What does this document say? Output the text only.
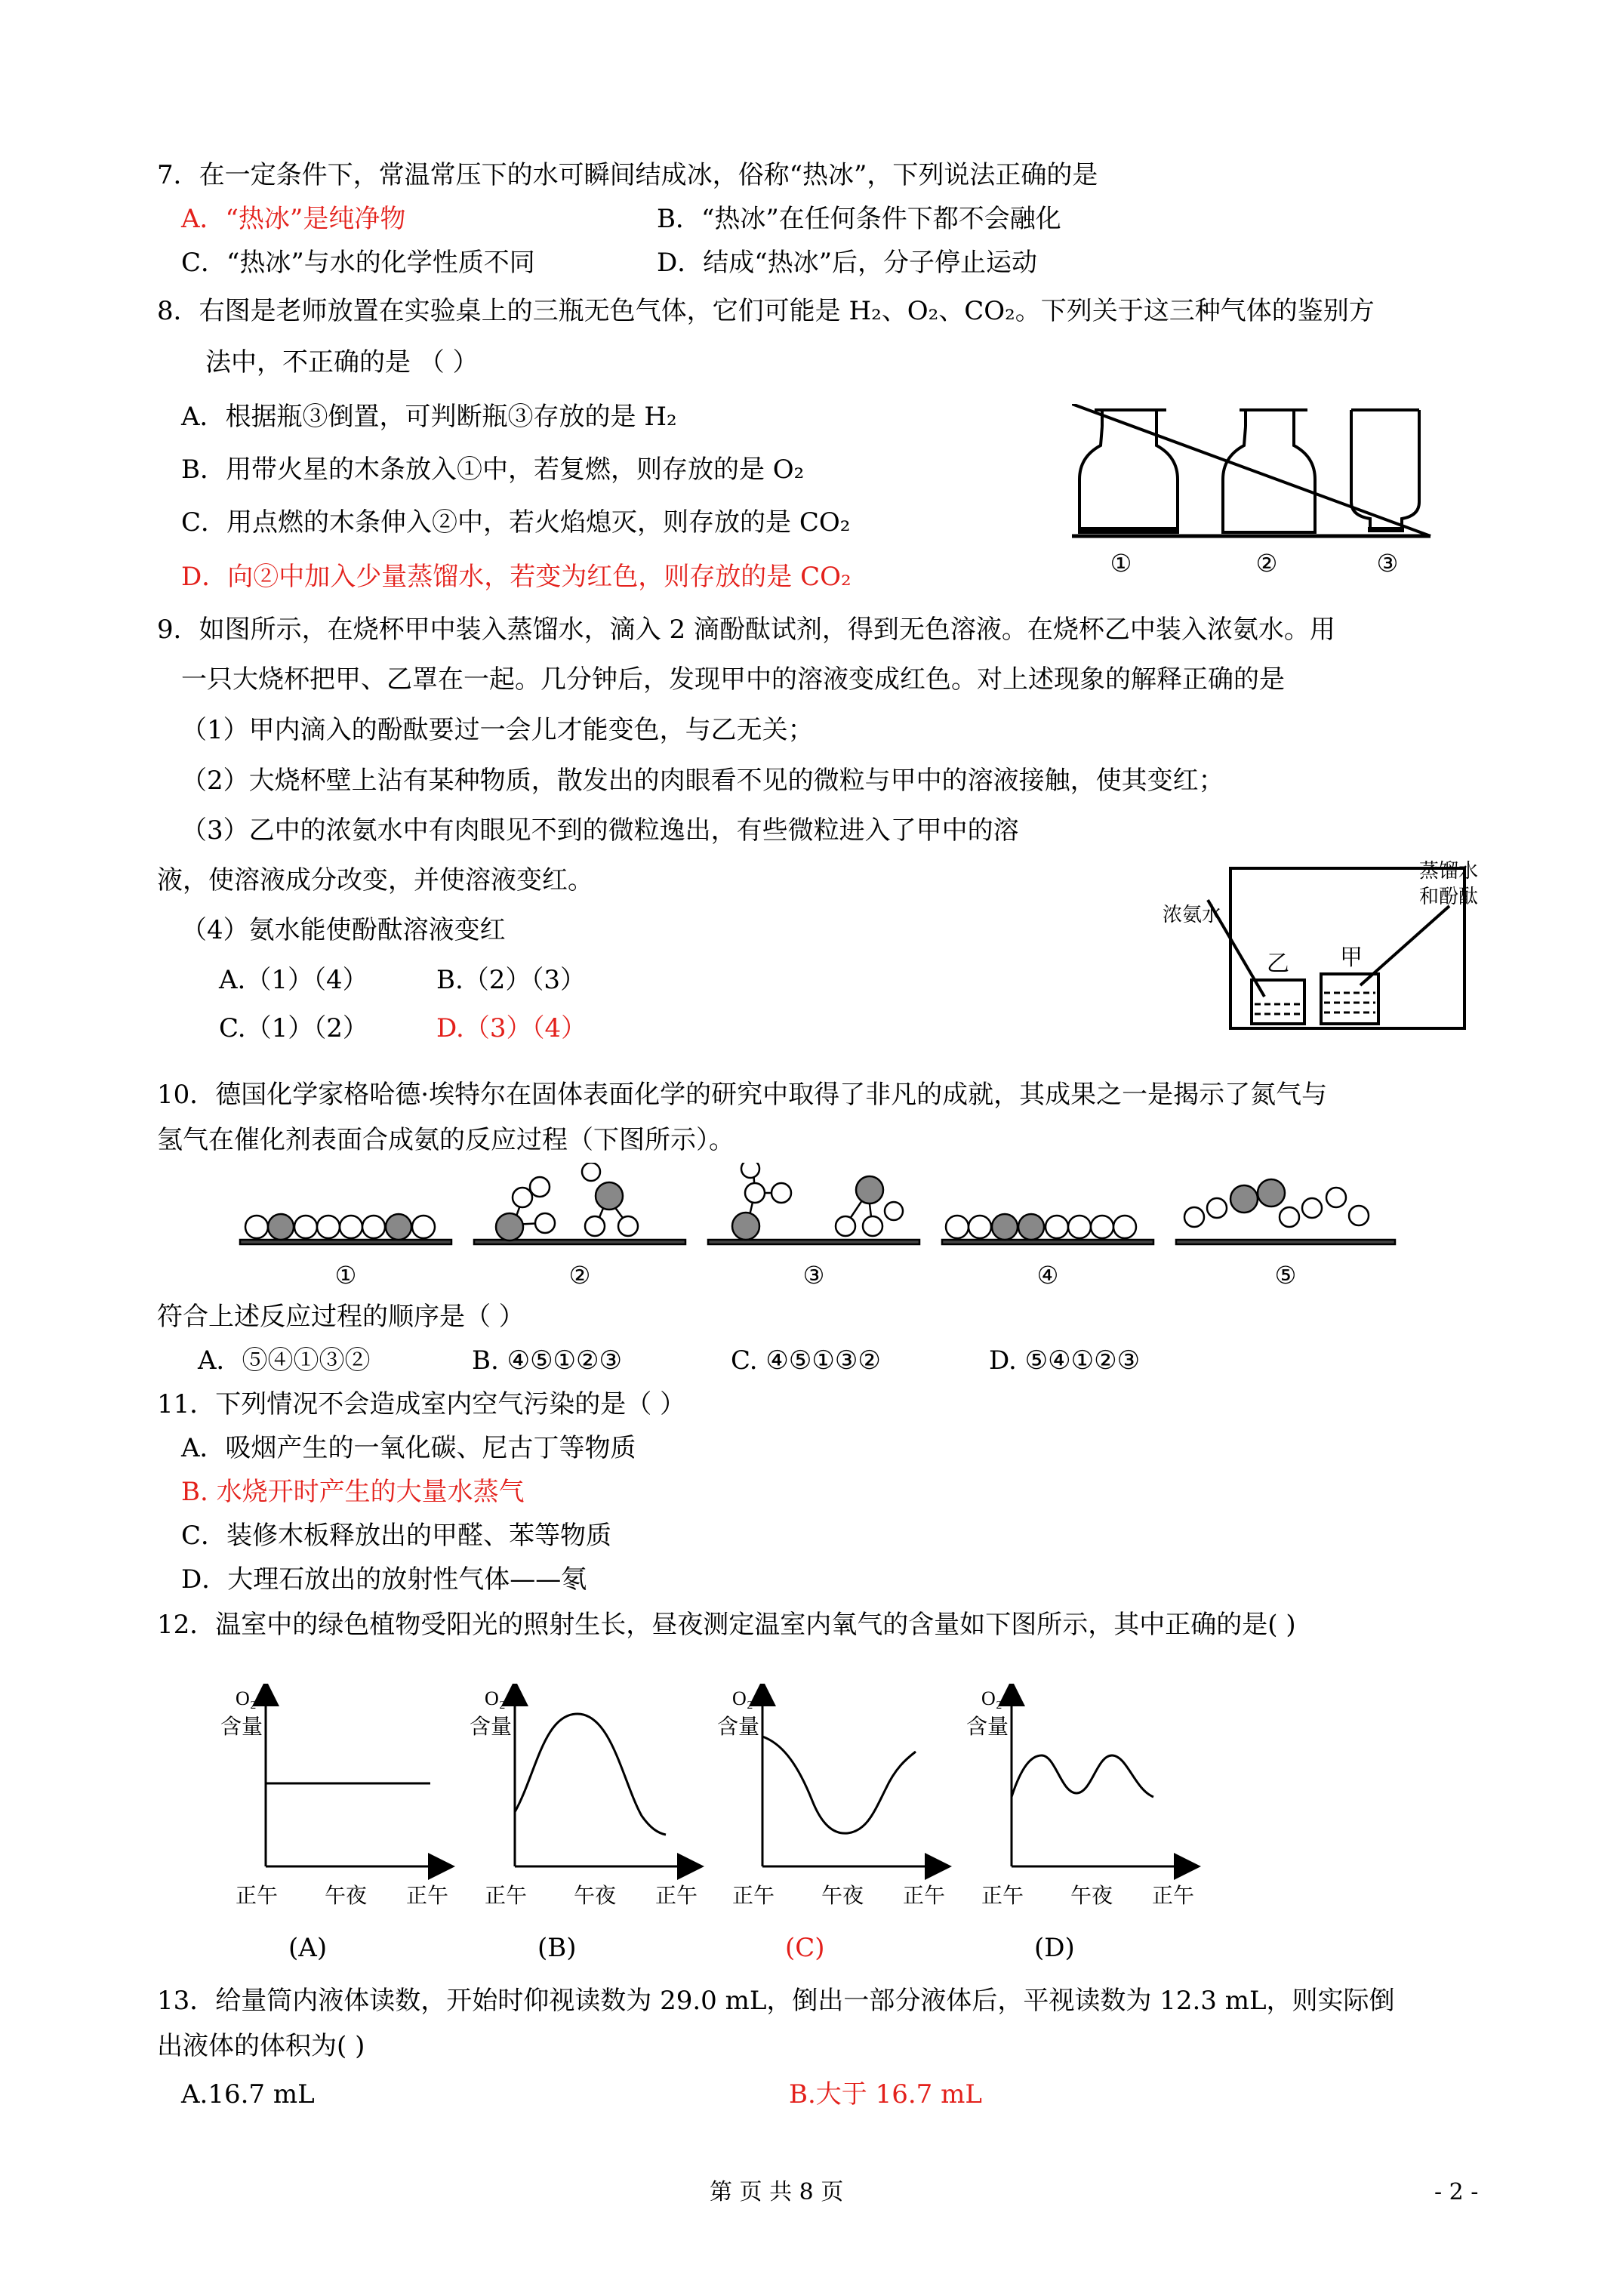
7．在一定条件下，常温常压下的水可瞬间结成冰，俗称“热冰”，下列说法正确的是
A．“热冰”是纯净物	B．“热冰”在任何条件下都不会融化
C．“热冰”与水的化学性质不同	D．结成“热冰”后，分子停止运动
8．右图是老师放置在实验桌上的三瓶无色气体，它们可能是 H₂、O₂、CO₂。下列关于这三种气体的鉴别方
法中，不正确的是 （ ）
A．根据瓶③倒置，可判断瓶③存放的是 H₂
B．用带火星的木条放入①中，若复燃，则存放的是 O₂
C．用点燃的木条伸入②中，若火焰熄灭，则存放的是 CO₂
D．向②中加入少量蒸馏水，若变为红色，则存放的是 CO₂	①	②	③
9．如图所示，在烧杯甲中装入蒸馏水，滴入 2 滴酚酞试剂，得到无色溶液。在烧杯乙中装入浓氨水。用
一只大烧杯把甲、乙罩在一起。几分钟后，发现甲中的溶液变成红色。对上述现象的解释正确的是
（1）甲内滴入的酚酞要过一会儿才能变色，与乙无关；
（2）大烧杯壁上沾有某种物质，散发出的肉眼看不见的微粒与甲中的溶液接触，使其变红；
（3）乙中的浓氨水中有肉眼见不到的微粒逸出，有些微粒进入了甲中的溶
液，使溶液成分改变，并使溶液变红。
（4）氨水能使酚酞溶液变红
A.（1）（4）	B.（2）（3）
C.（1）（2）	D.（3）（4）
浓氨水
蒸馏水
和酚酞
乙 甲
10．德国化学家格哈德·埃特尔在固体表面化学的研究中取得了非凡的成就，其成果之一是揭示了氮气与
氢气在催化剂表面合成氨的反应过程（下图所示）。
①	②	③	④	⑤
符合上述反应过程的顺序是（ ）
A．⑤④①③②	B. ④⑤①②③	C. ④⑤①③②	D. ⑤④①②③
11．下列情况不会造成室内空气污染的是（ ）
A．吸烟产生的一氧化碳、尼古丁等物质
B. 水烧开时产生的大量水蒸气
C．装修木板释放出的甲醛、苯等物质
D．大理石放出的放射性气体——氡
12．温室中的绿色植物受阳光的照射生长，昼夜测定温室内氧气的含量如下图所示，其中正确的是( )
O₂
含量
正午 午夜 正午
O₂
含量
正午 午夜 正午
O₂
含量
正午 午夜 正午
O₂
含量
正午 午夜 正午
(A)	(B)	(C)	(D)
13．给量筒内液体读数，开始时仰视读数为 29.0 mL，倒出一部分液体后，平视读数为 12.3 mL，则实际倒
出液体的体积为( )
A.16.7 mL	B.大于 16.7 mL
第 页 共 8 页	- 2 -
